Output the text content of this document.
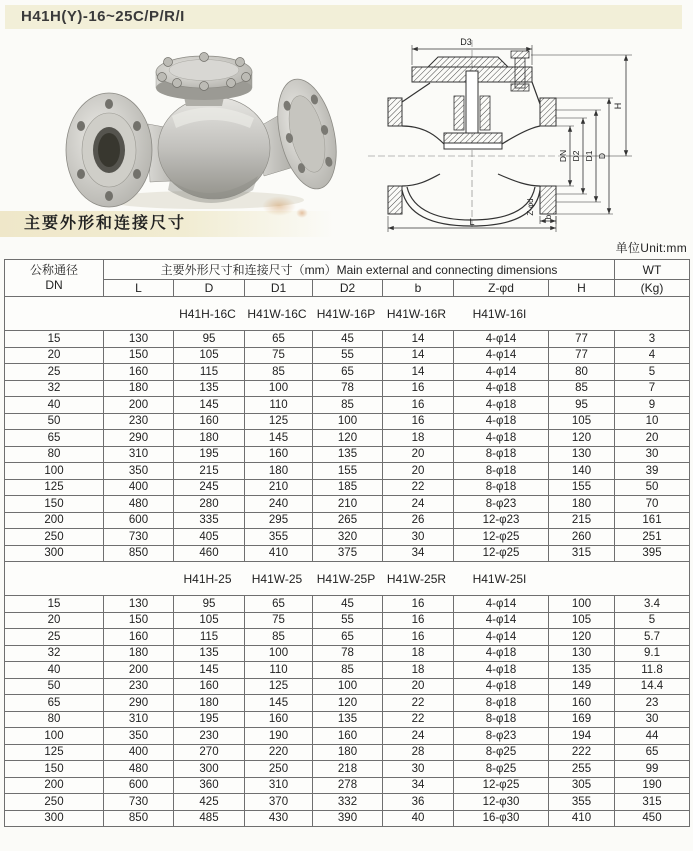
H41H(Y)-16~25C/P/R/I
D3
H
DN D2 D1 D
L	b
Z-φd
主要外形和连接尺寸
单位Unit:mm
公称通径
DN	主要外形尺寸和连接尺寸（mm）Main external and connecting dimensions							WT
	L	D	D1	D2	b	Z-φd	H	(Kg)

H41H-16C H41W-16C H41W-16P H41W-16R H41W-16I								

15	130	95	65	45	14	4-φ14	77	3
20	150	105	75	55	14	4-φ14	77	4
25	160	115	85	65	14	4-φ14	80	5
32	180	135	100	78	16	4-φ18	85	7
40	200	145	110	85	16	4-φ18	95	9
50	230	160	125	100	16	4-φ18	105	10
65	290	180	145	120	18	4-φ18	120	20
80	310	195	160	135	20	8-φ18	130	30
100	350	215	180	155	20	8-φ18	140	39
125	400	245	210	185	22	8-φ18	155	50
150	480	280	240	210	24	8-φ23	180	70
200	600	335	295	265	26	12-φ23	215	161
250	730	405	355	320	30	12-φ25	260	251
300	850	460	410	375	34	12-φ25	315	395

H41H-25 H41W-25 H41W-25P H41W-25R H41W-25I								

15	130	95	65	45	16	4-φ14	100	3.4
20	150	105	75	55	16	4-φ14	105	5
25	160	115	85	65	16	4-φ14	120	5.7
32	180	135	100	78	18	4-φ18	130	9.1
40	200	145	110	85	18	4-φ18	135	11.8
50	230	160	125	100	20	4-φ18	149	14.4
65	290	180	145	120	22	8-φ18	160	23
80	310	195	160	135	22	8-φ18	169	30
100	350	230	190	160	24	8-φ23	194	44
125	400	270	220	180	28	8-φ25	222	65
150	480	300	250	218	30	8-φ25	255	99
200	600	360	310	278	34	12-φ25	305	190
250	730	425	370	332	36	12-φ30	355	315
300	850	485	430	390	40	16-φ30	410	450
